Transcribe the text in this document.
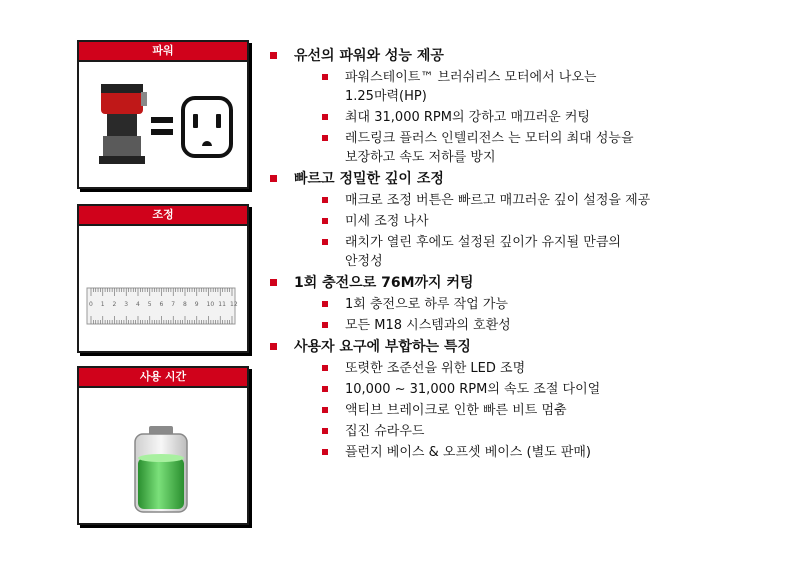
파워
조정
0 1 2 3 4 5 6 7 8 9 10 11 12
사용 시간
유선의 파워와 성능 제공
파워스테이트™ 브러쉬리스 모터에서 나오는
1.25마력(HP)
최대 31,000 RPM의 강하고 매끄러운 커팅
레드링크 플러스 인텔리전스 는 모터의 최대 성능을
보장하고 속도 저하를 방지
빠르고 정밀한 깊이 조정
매크로 조정 버튼은 빠르고 매끄러운 깊이 설정을 제공
미세 조정 나사
래치가 열린 후에도 설정된 깊이가 유지될 만큼의
안정성
1회 충전으로 76M까지 커팅
1회 충전으로 하루 작업 가능
모든 M18 시스템과의 호환성
사용자 요구에 부합하는 특징
또렷한 조준선을 위한 LED 조명
10,000 ~ 31,000 RPM의 속도 조절 다이얼
액티브 브레이크로 인한 빠른 비트 멈춤
집진 슈라우드
플런지 베이스 & 오프셋 베이스 (별도 판매)
